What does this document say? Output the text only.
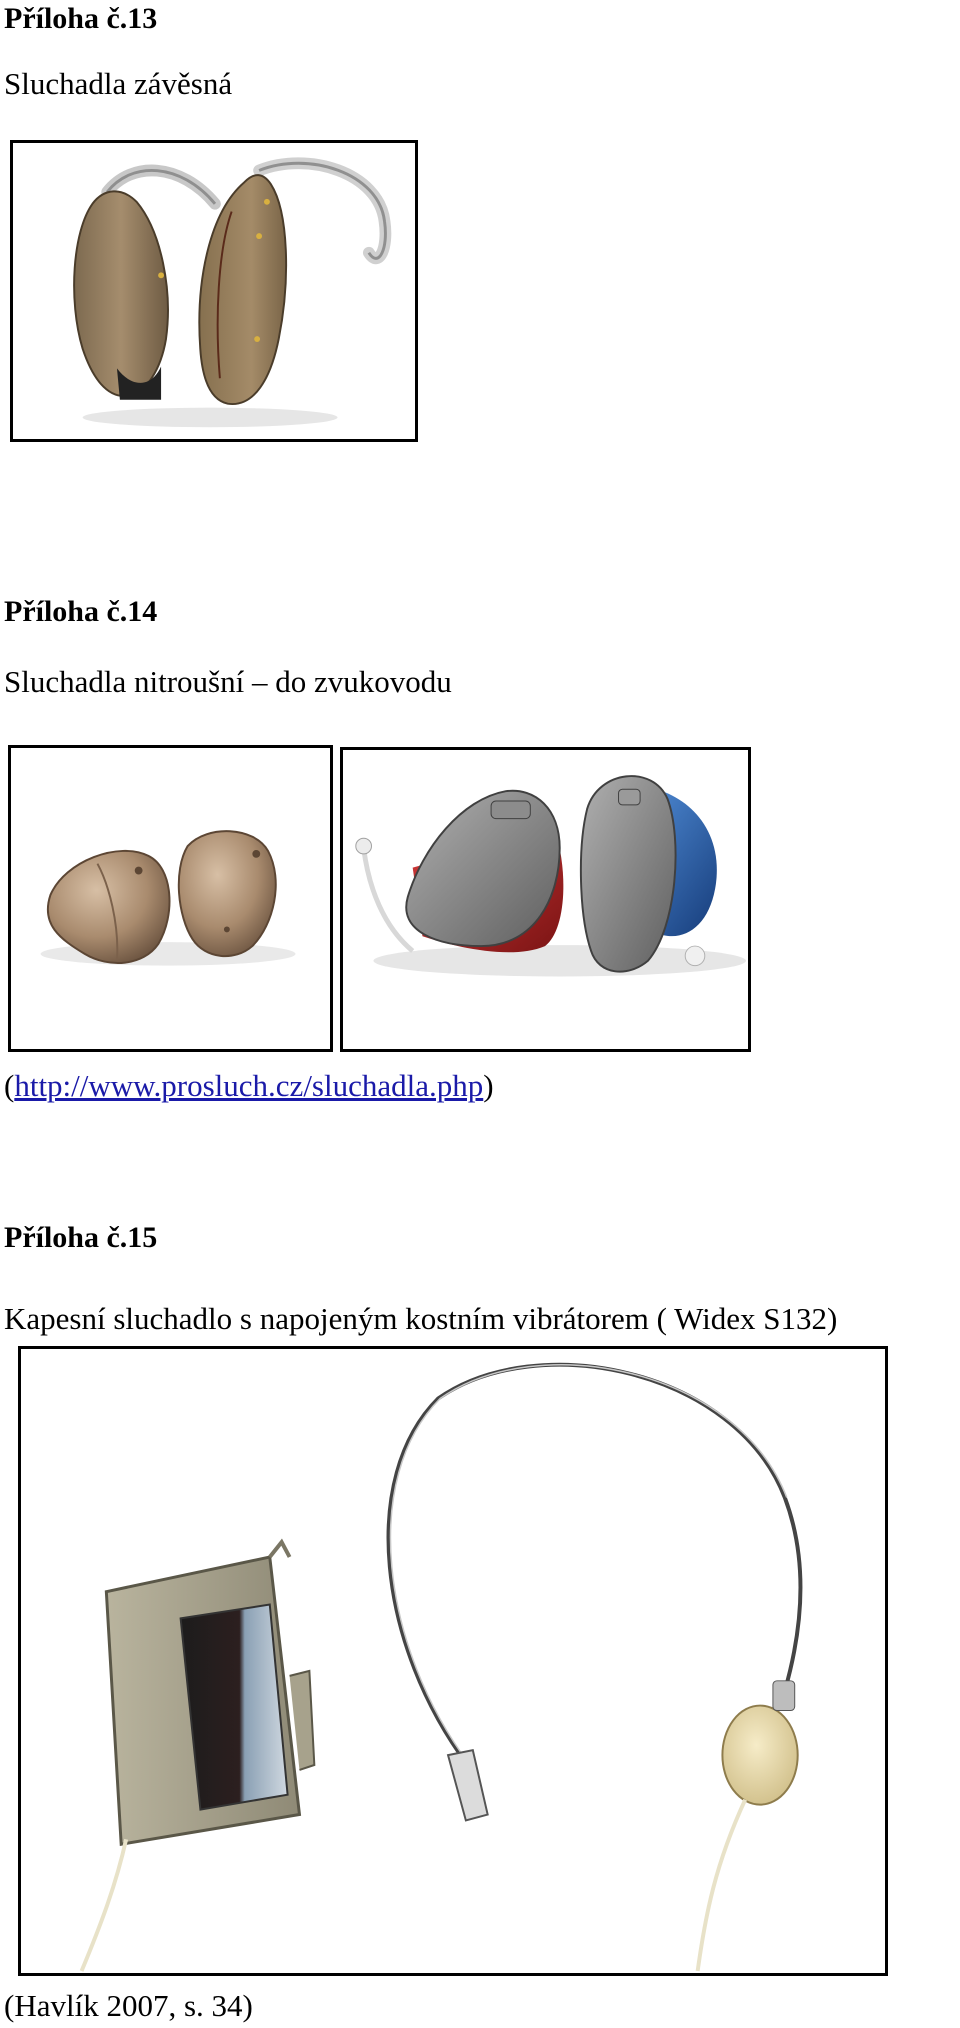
Příloha č.13

Sluchadla závěsná

Příloha č.14

Sluchadla nitroušní – do zvukovodu

(http://www.prosluch.cz/sluchadla.php)

Příloha č.15

Kapesní sluchadlo s napojeným kostním vibrátorem ( Widex S132)

(Havlík 2007, s. 34)
